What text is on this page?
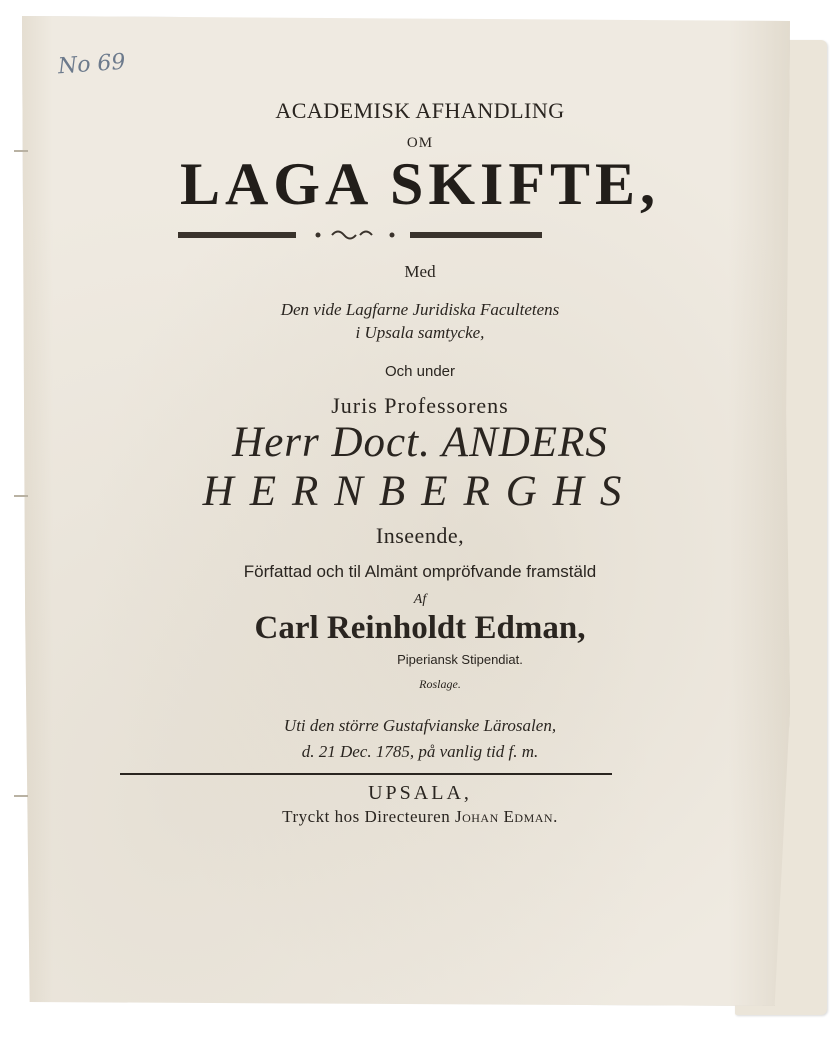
No 69
ACADEMISK AFHANDLING
OM
LAGA SKIFTE,
Med
Den vide Lagfarne Juridiska Facultetens
i Upsala samtycke,
Och under
Juris Professorens
Herr Doct. ANDERS
HERNBERGHS
Inseende,
Författad och til Almänt ompröfvande framstäld
Af
Carl Reinholdt Edman,
Piperiansk Stipendiat.
Roslage.
Uti den större Gustafvianske Lärosalen,
d. 21 Dec. 1785, på vanlig tid f. m.
UPSALA,
Tryckt hos Directeuren Johan Edman.
